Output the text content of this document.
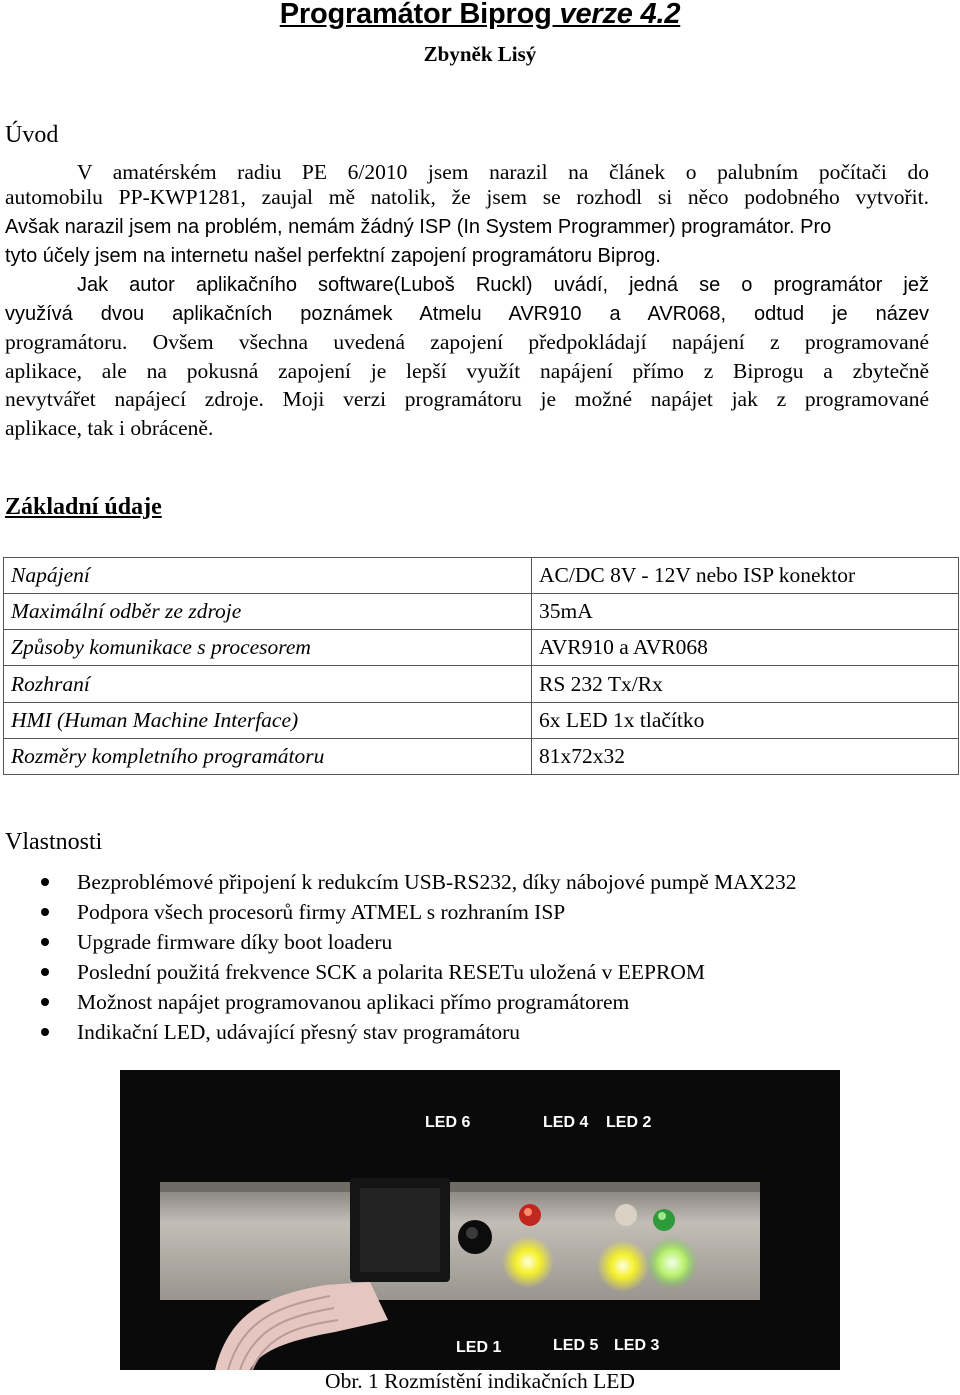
Programátor Biprog verze 4.2
Zbyněk Lisý
Úvod
V amatérském radiu PE 6/2010 jsem narazil na článek o palubním počítači do
automobilu PP-KWP1281, zaujal mě natolik, že jsem se rozhodl si něco podobného vytvořit.
Avšak narazil jsem na problém, nemám žádný ISP (In System Programmer) programátor. Pro
tyto účely jsem na internetu našel perfektní zapojení programátoru Biprog.
Jak autor aplikačního software(Luboš Ruckl) uvádí, jedná se o programátor jež
využívá dvou aplikačních poznámek Atmelu AVR910 a AVR068, odtud je název
programátoru. Ovšem všechna uvedená zapojení předpokládají napájení z programované
aplikace, ale na pokusná zapojení je lepší využít napájení přímo z Biprogu a zbytečně
nevytvářet napájecí zdroje. Moji verzi programátoru je možné napájet jak z programované
aplikace, tak i obráceně.
Základní údaje
Napájení	AC/DC 8V - 12V nebo ISP konektor
Maximální odběr ze zdroje	35mA
Způsoby komunikace s procesorem	AVR910 a AVR068
Rozhraní	RS 232 Tx/Rx
HMI (Human Machine Interface)	6x LED 1x tlačítko
Rozměry kompletního programátoru	81x72x32
Vlastnosti
Bezproblémové připojení k redukcím USB-RS232, díky nábojové pumpě MAX232
Podpora všech procesorů firmy ATMEL s rozhraním ISP
Upgrade firmware díky boot loaderu
Poslední použitá frekvence SCK a polarita RESETu uložená v EEPROM
Možnost napájet programovanou aplikaci přímo programátorem
Indikační LED, udávající přesný stav programátoru
LED 6	LED 4 LED 2
LED 1	LED 5 LED 3
Obr. 1 Rozmístění indikačních LED
